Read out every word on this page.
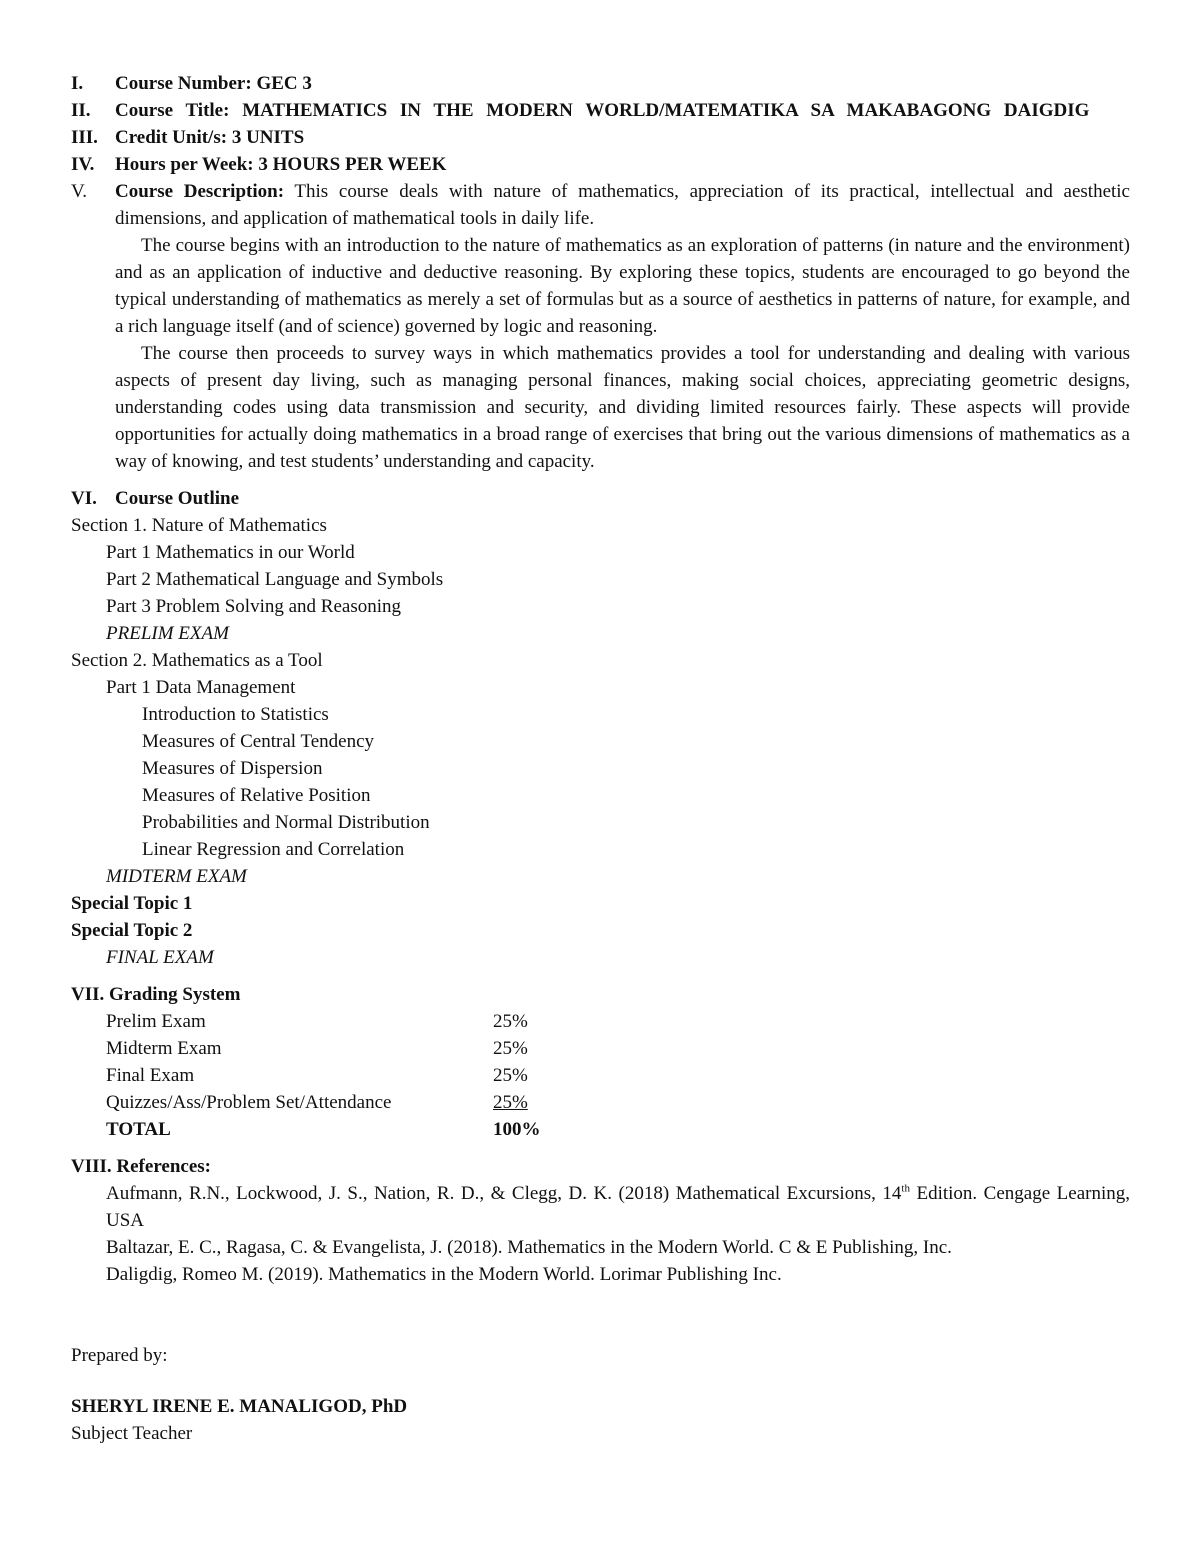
I.	Course Number: GEC 3
II.	Course Title: MATHEMATICS IN THE MODERN WORLD/MATEMATIKA SA MAKABAGONG DAIGDIG
III. Credit Unit/s: 3 UNITS
IV.	Hours per Week: 3 HOURS PER WEEK
V.	Course Description: This course deals with nature of mathematics, appreciation of its practical, intellectual and aesthetic dimensions, and application of mathematical tools in daily life.
The course begins with an introduction to the nature of mathematics as an exploration of patterns (in nature and the environment) and as an application of inductive and deductive reasoning. By exploring these topics, students are encouraged to go beyond the typical understanding of mathematics as merely a set of formulas but as a source of aesthetics in patterns of nature, for example, and a rich language itself (and of science) governed by logic and reasoning.
The course then proceeds to survey ways in which mathematics provides a tool for understanding and dealing with various aspects of present day living, such as managing personal finances, making social choices, appreciating geometric designs, understanding codes using data transmission and security, and dividing limited resources fairly. These aspects will provide opportunities for actually doing mathematics in a broad range of exercises that bring out the various dimensions of mathematics as a way of knowing, and test students’ understanding and capacity.
VI. Course Outline
Section 1. Nature of Mathematics
Part 1 Mathematics in our World
Part 2 Mathematical Language and Symbols
Part 3 Problem Solving and Reasoning
PRELIM EXAM
Section 2. Mathematics as a Tool
Part 1 Data Management
Introduction to Statistics
Measures of Central Tendency
Measures of Dispersion
Measures of Relative Position
Probabilities and Normal Distribution
Linear Regression and Correlation
MIDTERM EXAM
Special Topic 1
Special Topic 2
FINAL EXAM
VII. Grading System
Prelim Exam	25%
Midterm Exam	25%
Final Exam	25%
Quizzes/Ass/Problem Set/Attendance	25%
TOTAL	100%
VIII. References:
Aufmann, R.N., Lockwood, J. S., Nation, R. D., & Clegg, D. K. (2018) Mathematical Excursions, 14th Edition. Cengage Learning, USA
Baltazar, E. C., Ragasa, C. & Evangelista, J. (2018). Mathematics in the Modern World. C & E Publishing, Inc.
Daligdig, Romeo M. (2019). Mathematics in the Modern World. Lorimar Publishing Inc.
Prepared by:
SHERYL IRENE E. MANALIGOD, PhD
Subject Teacher
